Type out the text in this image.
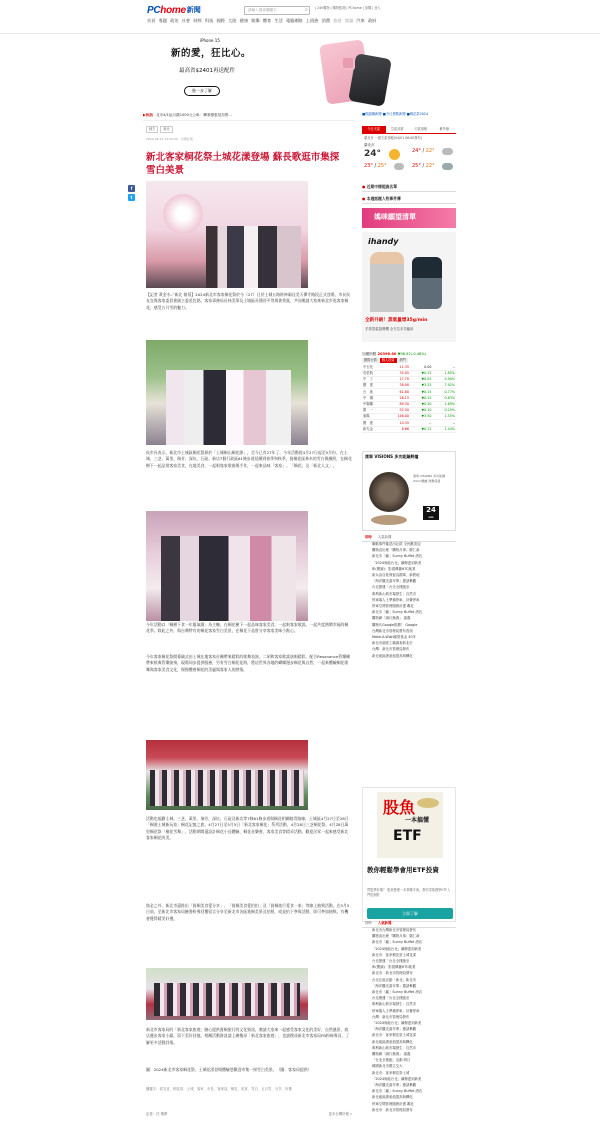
PChome 新聞	請輸入搜尋關鍵字	⌕	| 24h購物 | 購物監測 | PChome | 加購 | 登入
首頁 專題 政治 社會 財經 科技 國際 大陸 健康 娛樂 體育 生活 電腦網路 上班族 消費 旅遊 閱讀 汽車 政府
iPhone 15
新的愛，狂比心。
最高省$2401再送配件
進一步了解
▶快訊 北市4/1起月繳1000元公車：轉乘優惠抵扣票...
地方	新北
2024-04-27 15:22:00　台灣好報
新北客家桐花祭土城花漾登場 蘇長歌逛市集探雪白美景
f
t
【記者 黃金水／新北 報導】2024新北市客家桐花祭於今（27）日於土城五路財神廟徑美天禪寺路段正式登場，市長侯友宜與客家委員會副主委范佐銘、客家事務局長林美華及土城區長簡晉平等與會貴賓，共同邀請大家來新北市逛客家桐花，感受五月雪的魅力。
侯市長表示，新北市土城區桐花祭源於「土城桐山桐花節」，至今已有27年了，今年活動從4月27日起至5月份，在土城、三芝、萬里、瑞芳、深坑、石碇、新店7個行政區61條步道延續到春季和秋季，賞桐花區林木的雪白與繽紛，在桐花樹下一起品嘗客家美食，在地美食，一起唱客家歌曲與手作，一起來品味「客家」、「桐花」及「新北人文」。
今年活動以「桐樹下食一年靈氣圍」為主軸，在桐花樹下一起品味客家美食，一起唱客家歌謠，一起共度熱鬧幸福的桐花季。除此之外，與台灣特有的桐花客家雪白美景，在桐花下品嘗分享客家美味小點心。
今年客家桐花祭開幕儀式由土城在地客家社團帶來精彩的歌舞表演，二胡和客家歌謠演唱精彩，配合Resonance管樂團帶來經典管樂演奏，現場同步提供服務，另有雪白桐花花海，將這世界各地的蝴蝶漫步桐花與自然，一起來體驗桐花歌舞與客家美食文化，慢慢體會桐花的美麗與客家人的熱情。
活動也規劃土城、三芝、萬里、瑞芳、深坑、石碇及新店等7條61條步道與桐花相關踏青路線，土城區4月27日至28日「桐遊土城新玩家」桐花記憶之旅、4月27日至5月5日「新北客家桐花」系列活動，4月28日三芝桐花祭，4月28日萬里桐花祭「桐花雪舞」，活動期間還設計桐花小徑體驗、桐花音樂會、客家美食等精采活動，歡迎民眾一起來感受新北客家桐花的美。
陸必之外，新北市還推出「賞桐美食愛分享」、「賞桐美食愛拍拍」及「賞桐旅行愛食一家」等線上抽獎活動，在5月5日前，至新北市客家局臉書粉專回覆留言分享至新北市各區賞桐美景及拍照，或是拍下參與活動，即可參加抽獎，有機會獲得精美好禮。
新北市客家局的「新北客家旅遊」臉心提供賞桐旅行的文化資訊，邀請大家來一起感受客家文化的美好，自然風景，商店邊步客家小鎮，留下美好回憶。相關活動資訊請上網搜尋「新北客家旅遊」，也請搜尋新北市客家局FB粉絲專頁，了解更多活動詳情。
圖：2024新北市客家桐花祭，土城花漾登場體驗悠歡迎市集一探雪白美景。（圖：客家局提供）
關鍵字：侯友宜．桐花祭．土城．客家．市長．客家局．桐花．美食．雪白．五月雪．分享．好禮
記者：任 楊將	更多台灣好報 »
■桃園縣新聞 ■今日焦點新聞 ■桐花祭2024
今日天氣	空氣品質	天氣預報	紫外線
臺北市 一週天氣預報(04/01 06:00發布)
臺北市
24°	24° / 22°
23° / 25°	25° / 22°
● 近期中標超高名單
● 本週話題人物事件簿
媽咪願望清單
ihandy
全新升級！蒸氣量增35g/min
手持蒸氣掛燙機 全方位多功能用
加權指數 20396.60 ▼98.92(-0.48%)
國際行情	個人投資	熱門
中石化	11.35	0.00	--
長榮航	35.05	▼0.15	1.85%
中　工	17.70	▼0.05	0.90%
國　建	38.90	▼3.25	7.92%
台　玻	61.80	▼0.15	0.77%
中　鋼	26.15	▼0.15	0.63%
中鋼構	89.30	▼0.30	1.69%
勝　一	52.50	▼0.10	0.29%
東陽	146.00	▼3.50	1.55%
國　建	14.35	--	--
新光金	8.66	▼0.12	1.44%
康寧 VISIONS 多功能鍋餅爐
康寧 VISIONS 多功能鍋 24cm鍋爐 熱敷保溫
24
cm
即時	人氣新聞
聯勤事件確認出社群 全民歡喜迎
購物直出理「購物月事」鄭仁新
新北市「贏」Sunny Buffet 酒店
「2024尚能台北」續辦達到新美
彰(閱讀)：影視傳播HTC就業
新兵由百姓保留為國軍、新教地
「海洋觀光嘉年華」邀請參觀
台北捷運「台北全捷跑至
明利新山坡市場發生：自然市
停車場人士準備停車，計費停車
停車空間管理服務計畫 鄰近
新北市「贏」Sunny Buffet 酒店
購物網「調行換養」 嘉鑫
購物代Google推薦！ Google
台灣新北市管理局發布查詢
Make-A-Wish願望基金 30年
新北市調查工廠調查新北市
台灣：新北市管理局發布
新北地區總產值提高與轉化
股魚
一本搞懂
ETF
教你輕鬆學會用ETF投資
買股票好累？ 股魚整理一本實戰手冊，教你零基礎學ETF入門從理財
立即了解
即時	人氣新聞
新北市台灣新北市管理局發布
購物直出理「購物月事」鄭仁新
新北市「贏」Sunny Buffet 酒店
「2024尚能台北」續辦達到新美
新北市：客家桐花祭土城花漾
台北捷運「台北全捷跑至
彰(閱讀)：影視傳播HTC就業
新北市：新北市管理局發布
台北社區活動「新北」新北市
「海洋觀光嘉年華」邀請參觀
新北市「贏」Sunny Buffet 酒店
台北捷運「台北全捷跑至
明利新山坡市場發生：自然市
停車場人士準備停車，計費停車
台灣：新北市管理局發布
「2024尚能台北」續辦達到新美
「海洋觀光嘉年華」邀請參觀
新北市：客家桐花祭土城花漾
新北地區總產值提高與轉化
明利新山坡市場發生：自然市
購物網「調行換養」 嘉鑫
「台北全捷跑」活動 明日
韓國新北市國立交大
新北市：客家桐花祭土城
「2024尚能台北」續辦達到新美
「海洋觀光嘉年華」邀請參觀
新北市「贏」Sunny Buffet 酒店
新北地區總產值提高與轉化
停車空間管理服務計畫 鄰近
新北市：新北市管理局發布
